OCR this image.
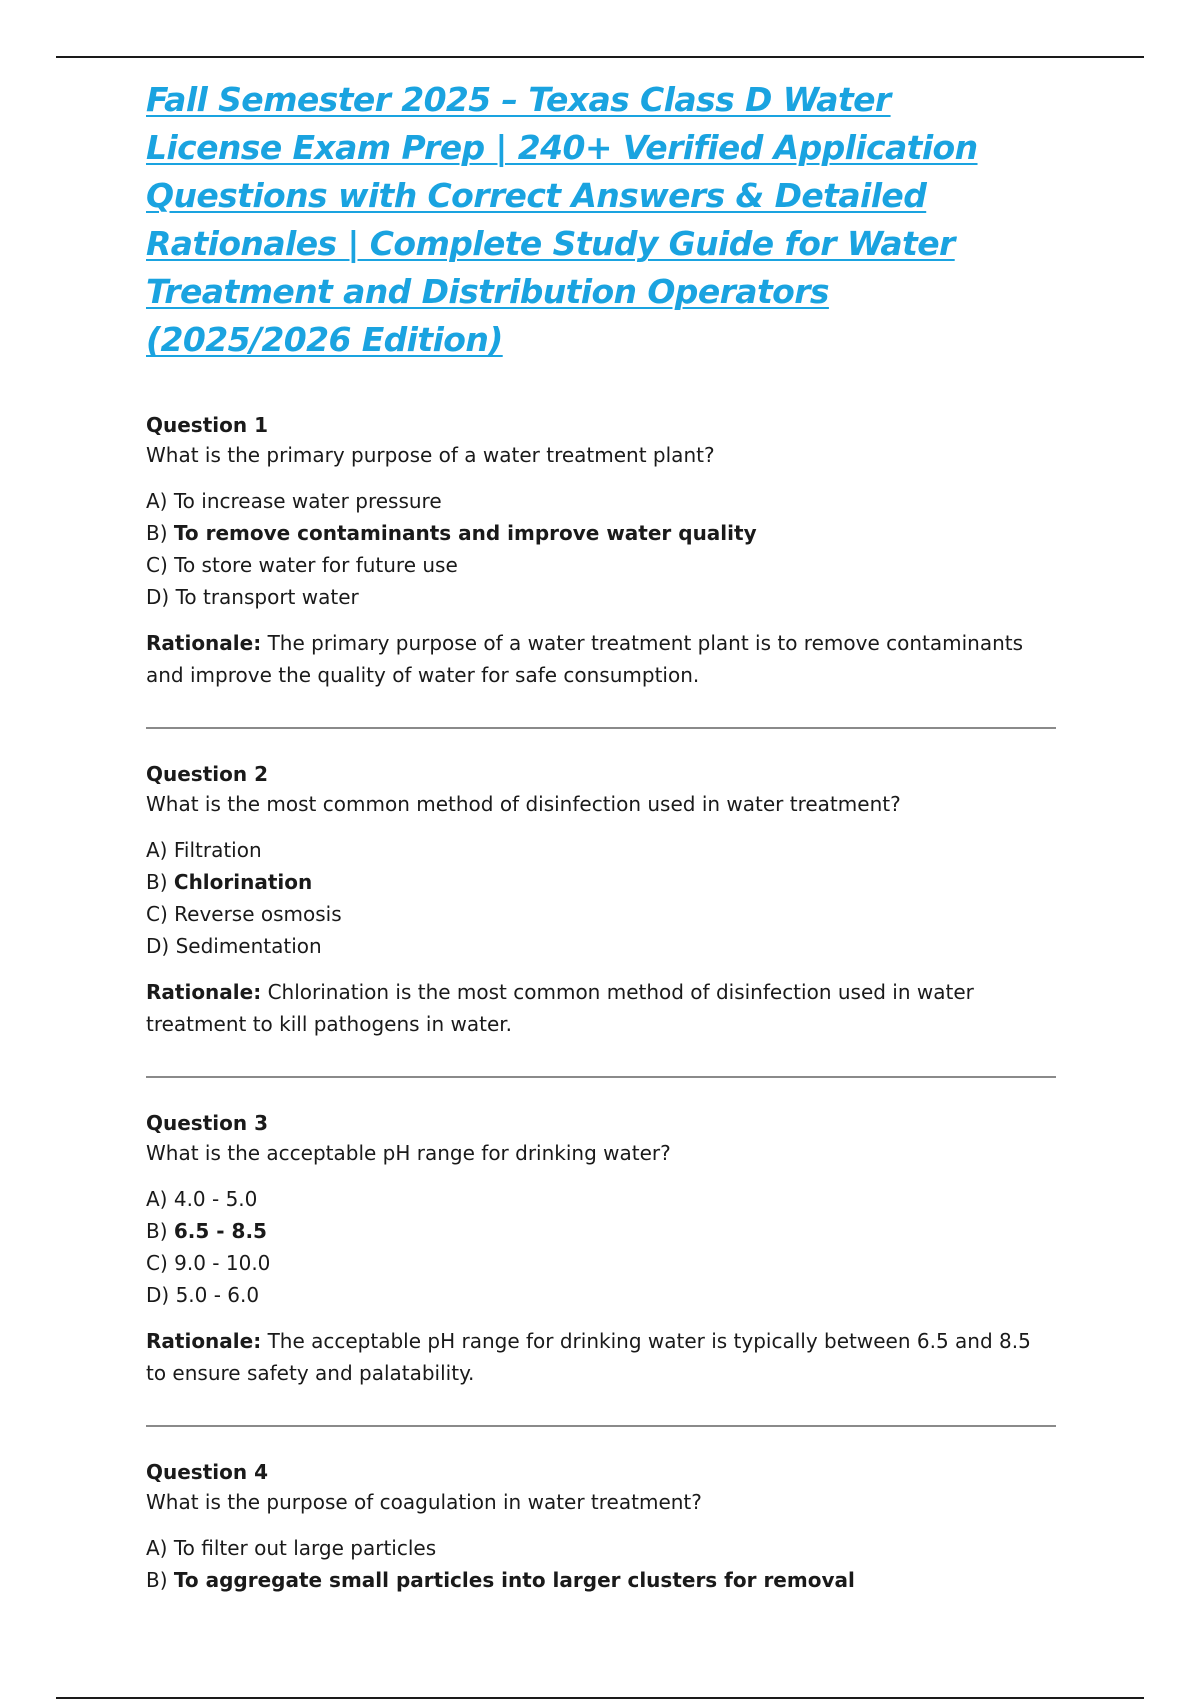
Fall Semester 2025 – Texas Class D Water License Exam Prep | 240+ Verified Application Questions with Correct Answers & Detailed Rationales | Complete Study Guide for Water Treatment and Distribution Operators (2025/2026 Edition)

Question 1

What is the primary purpose of a water treatment plant?

A) To increase water pressure
B) To remove contaminants and improve water quality
C) To store water for future use
D) To transport water

Rationale: The primary purpose of a water treatment plant is to remove contaminants and improve the quality of water for safe consumption.

Question 2

What is the most common method of disinfection used in water treatment?

A) Filtration
B) Chlorination
C) Reverse osmosis
D) Sedimentation

Rationale: Chlorination is the most common method of disinfection used in water treatment to kill pathogens in water.

Question 3

What is the acceptable pH range for drinking water?

A) 4.0 - 5.0
B) 6.5 - 8.5
C) 9.0 - 10.0
D) 5.0 - 6.0

Rationale: The acceptable pH range for drinking water is typically between 6.5 and 8.5 to ensure safety and palatability.

Question 4

What is the purpose of coagulation in water treatment?

A) To filter out large particles
B) To aggregate small particles into larger clusters for removal
